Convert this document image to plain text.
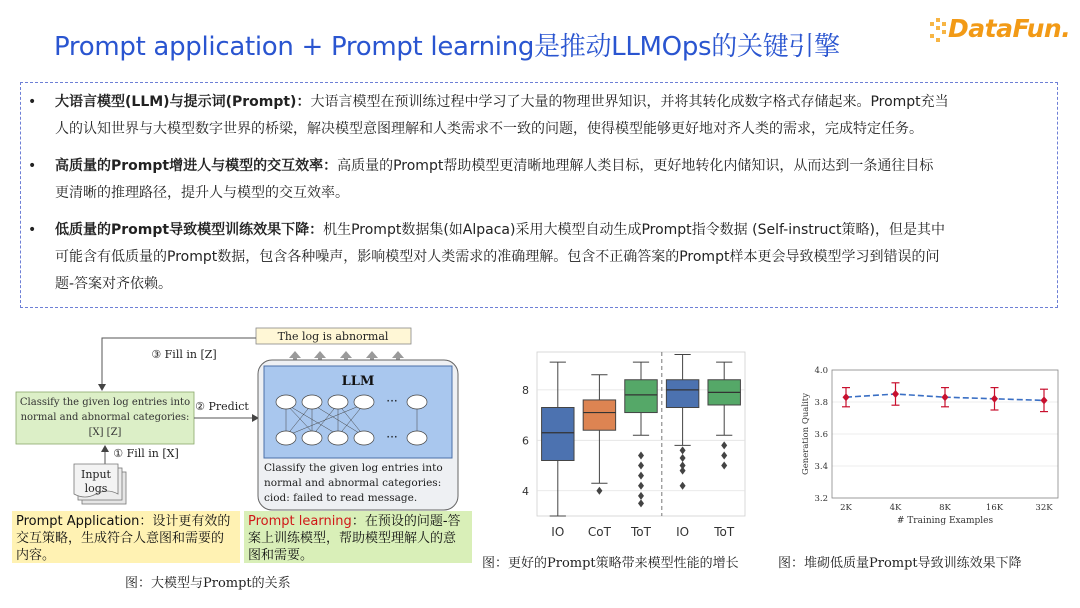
Prompt application + Prompt learning是推动LLMOps的关键引擎
DataFun.
• 大语言模型(LLM)与提示词(Prompt)：大语言模型在预训练过程中学习了大量的物理世界知识，并将其转化成数字格式存储起来。Prompt充当
人的认知世界与大模型数字世界的桥梁，解决模型意图理解和人类需求不一致的问题，使得模型能够更好地对齐人类的需求，完成特定任务。
• 高质量的Prompt增进人与模型的交互效率：高质量的Prompt帮助模型更清晰地理解人类目标，更好地转化内储知识，从而达到一条通往目标
更清晰的推理路径，提升人与模型的交互效率。
• 低质量的Prompt导致模型训练效果下降：机生Prompt数据集(如Alpaca)采用大模型自动生成Prompt指令数据 (Self-instruct策略)，但是其中
可能含有低质量的Prompt数据，包含各种噪声，影响模型对人类需求的准确理解。包含不正确答案的Prompt样本更会导致模型学习到错误的问
题-答案对齐依赖。
The log is abnormal
③ Fill in [Z]
Classify the given log entries into
normal and abnormal categories:
[X] [Z]
② Predict
① Fill in [X]
Input
logs
LLM
···
···
Classify the given log entries into
normal and abnormal categories:
ciod: failed to read message.
Prompt Application：设计更有效的交互策略，生成符合人意图和需要的内容。
Prompt learning：在预设的问题-答案上训练模型，帮助模型理解人的意图和需要。
图：大模型与Prompt的关系
4
6
8
IO CoT ToT IO ToT
图：更好的Prompt策略带来模型性能的增长
3.2
3.4
3.6
3.8
4.0
2K	4K	8K	16K	32K
# Training Examples
Generation Quality
图：堆砌低质量Prompt导致训练效果下降
